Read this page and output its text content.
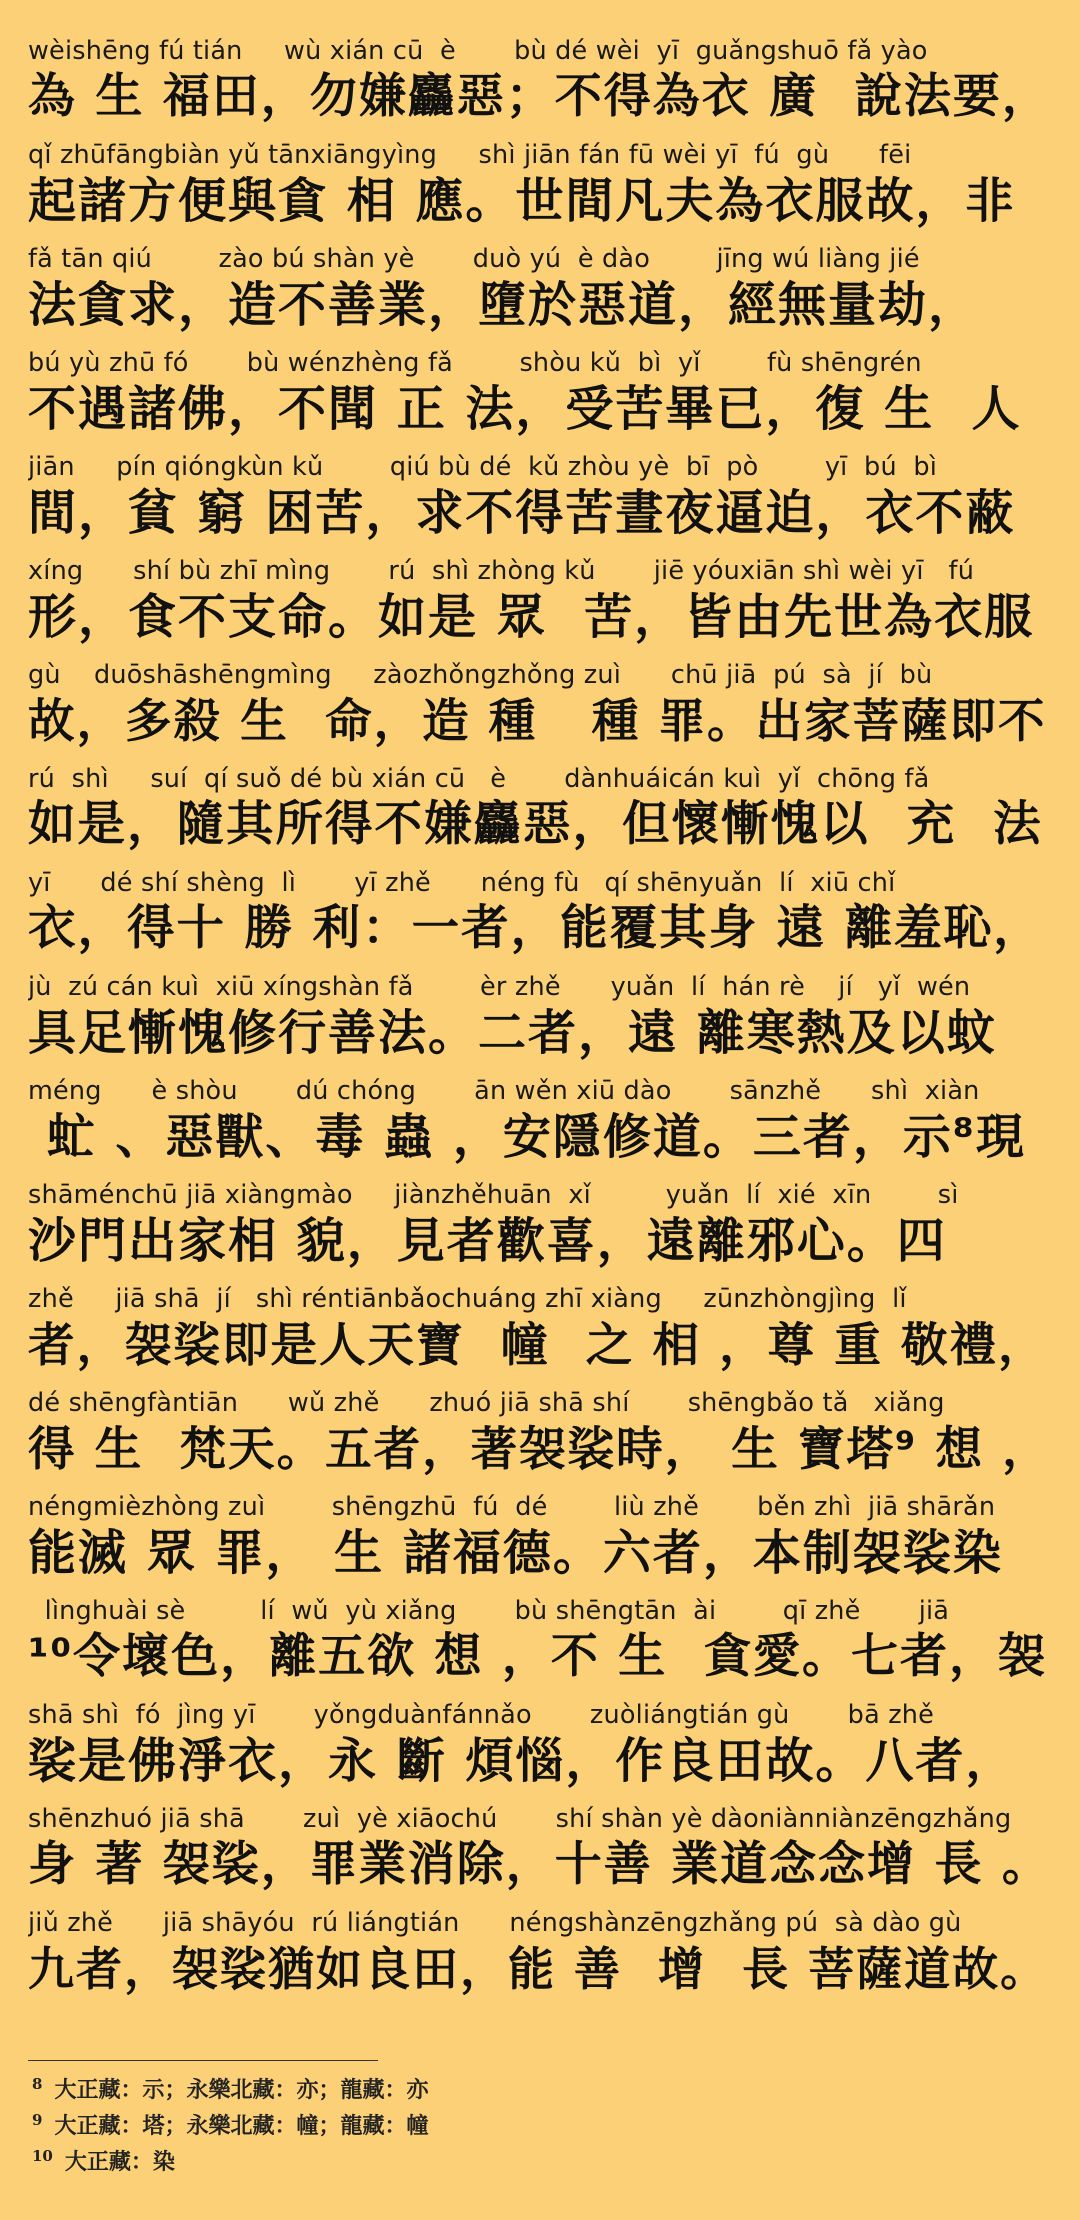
wèishēng fú tián     wù xián cū  è       bù dé wèi  yī  guǎngshuō fǎ yào
為 生 福田，勿嫌麤惡；不得為衣 廣  說法要，
qǐ zhūfāngbiàn yǔ tānxiāngyìng     shì jiān fán fū wèi yī  fú  gù      fēi
起諸方便與貪 相 應。世間凡夫為衣服故，非
fǎ tān qiú        zào bú shàn yè       duò yú  è dào        jīng wú liàng jié
法貪求，造不善業，墮於惡道，經無量劫，
bú yù zhū fó       bù wénzhèng fǎ        shòu kǔ  bì  yǐ        fù shēngrén
不遇諸佛，不聞 正 法，受苦畢已，復 生  人
jiān     pín qióngkùn kǔ        qiú bù dé  kǔ zhòu yè  bī  pò        yī  bú  bì
間，貧 窮 困苦，求不得苦晝夜逼迫，衣不蔽
xíng      shí bù zhī mìng       rú  shì zhòng kǔ       jiē yóuxiān shì wèi yī   fú
形，食不支命。如是 眾  苦，皆由先世為衣服
gù    duōshāshēngmìng     zàozhǒngzhǒng zuì      chū jiā  pú  sà  jí  bù
故，多殺 生  命，造 種   種 罪。出家菩薩即不
rú  shì     suí  qí suǒ dé bù xián cū   è       dànhuáicán kuì  yǐ  chōng fǎ
如是，隨其所得不嫌麤惡，但懷慚愧以  充  法
yī      dé shí shèng  lì       yī zhě      néng fù   qí shēnyuǎn  lí  xiū chǐ
衣，得十 勝 利：一者，能覆其身 遠 離羞恥，
jù  zú cán kuì  xiū xíngshàn fǎ        èr zhě      yuǎn  lí  hán rè    jí   yǐ  wén
具足慚愧修行善法。二者，遠 離寒熱及以蚊
méng      è shòu       dú chóng       ān wěn xiū dào       sānzhě      shì  xiàn
虻 、惡獸、毒 蟲 ，安隱修道。三者，示⁸現
shāménchū jiā xiàngmào     jiànzhěhuān  xǐ         yuǎn  lí  xié  xīn        sì
沙門出家相 貌，見者歡喜，遠離邪心。四
zhě     jiā shā  jí   shì réntiānbǎochuáng zhī xiàng     zūnzhòngjìng  lǐ
者，袈裟即是人天寶  幢  之 相 ，尊 重 敬禮，
dé shēngfàntiān      wǔ zhě      zhuó jiā shā shí       shēngbǎo tǎ   xiǎng
得 生  梵天。五者，著袈裟時， 生 寶塔⁹ 想 ，
néngmièzhòng zuì        shēngzhū  fú  dé        liù zhě       běn zhì  jiā shārǎn
能滅 眾 罪， 生 諸福德。六者，本制袈裟染
lìnghuài sè         lí  wǔ  yù xiǎng       bù shēngtān  ài        qī zhě       jiā
¹⁰令壞色，離五欲 想 ，不 生  貪愛。七者，袈
shā shì  fó  jìng yī       yǒngduànfánnǎo       zuòliángtián gù       bā zhě
裟是佛淨衣，永 斷 煩惱，作良田故。八者，
shēnzhuó jiā shā       zuì  yè xiāochú       shí shàn yè dàoniànniànzēngzhǎng
身 著 袈裟，罪業消除，十善 業道念念增 長 。
jiǔ zhě      jiā shāyóu  rú liángtián      néngshànzēngzhǎng pú  sà dào gù
九者，袈裟猶如良田，能 善  增  長 菩薩道故。
$^8$ 大正藏：示；永樂北藏：亦；龍藏：亦
$^9$ 大正藏：塔；永樂北藏：幢；龍藏：幢
$^{10}$ 大正藏：染
